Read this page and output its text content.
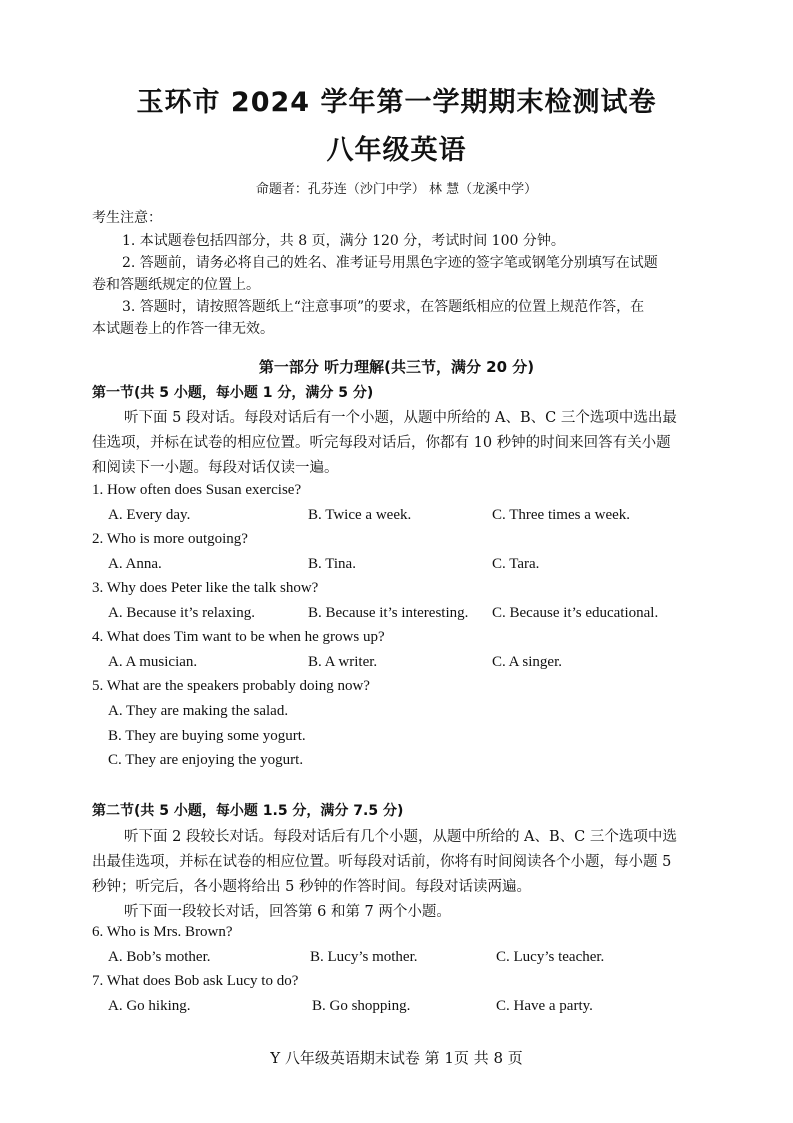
玉环市 2024 学年第一学期期末检测试卷
八年级英语
命题者：孔芬连（沙门中学） 林 慧（龙溪中学）
考生注意：
1. 本试题卷包括四部分，共 8 页，满分 120 分，考试时间 100 分钟。
2. 答题前，请务必将自己的姓名、准考证号用黑色字迹的签字笔或钢笔分别填写在试题
卷和答题纸规定的位置上。
3. 答题时，请按照答题纸上“注意事项”的要求，在答题纸相应的位置上规范作答，在
本试题卷上的作答一律无效。
第一部分 听力理解(共三节，满分 20 分)
第一节(共 5 小题，每小题 1 分，满分 5 分)
听下面 5 段对话。每段对话后有一个小题，从题中所给的 A、B、C 三个选项中选出最
佳选项，并标在试卷的相应位置。听完每段对话后，你都有 10 秒钟的时间来回答有关小题
和阅读下一小题。每段对话仅读一遍。
1. How often does Susan exercise?
A. Every day.	B. Twice a week.	C. Three times a week.
2. Who is more outgoing?
A. Anna.	B. Tina.	C. Tara.
3. Why does Peter like the talk show?
A. Because it’s relaxing.	B. Because it’s interesting. C. Because it’s educational.
4. What does Tim want to be when he grows up?
A. A musician.	B. A writer.	C. A singer.
5. What are the speakers probably doing now?
A. They are making the salad.
B. They are buying some yogurt.
C. They are enjoying the yogurt.
第二节(共 5 小题，每小题 1.5 分，满分 7.5 分)
听下面 2 段较长对话。每段对话后有几个小题，从题中所给的 A、B、C 三个选项中选
出最佳选项，并标在试卷的相应位置。听每段对话前，你将有时间阅读各个小题，每小题 5
秒钟；听完后，各小题将给出 5 秒钟的作答时间。每段对话读两遍。
听下面一段较长对话，回答第 6 和第 7 两个小题。
6. Who is Mrs. Brown?
A. Bob’s mother.	B. Lucy’s mother.	C. Lucy’s teacher.
7. What does Bob ask Lucy to do?
A. Go hiking.	B. Go shopping.	C. Have a party.
Y 八年级英语期末试卷 第 1页 共 8 页
